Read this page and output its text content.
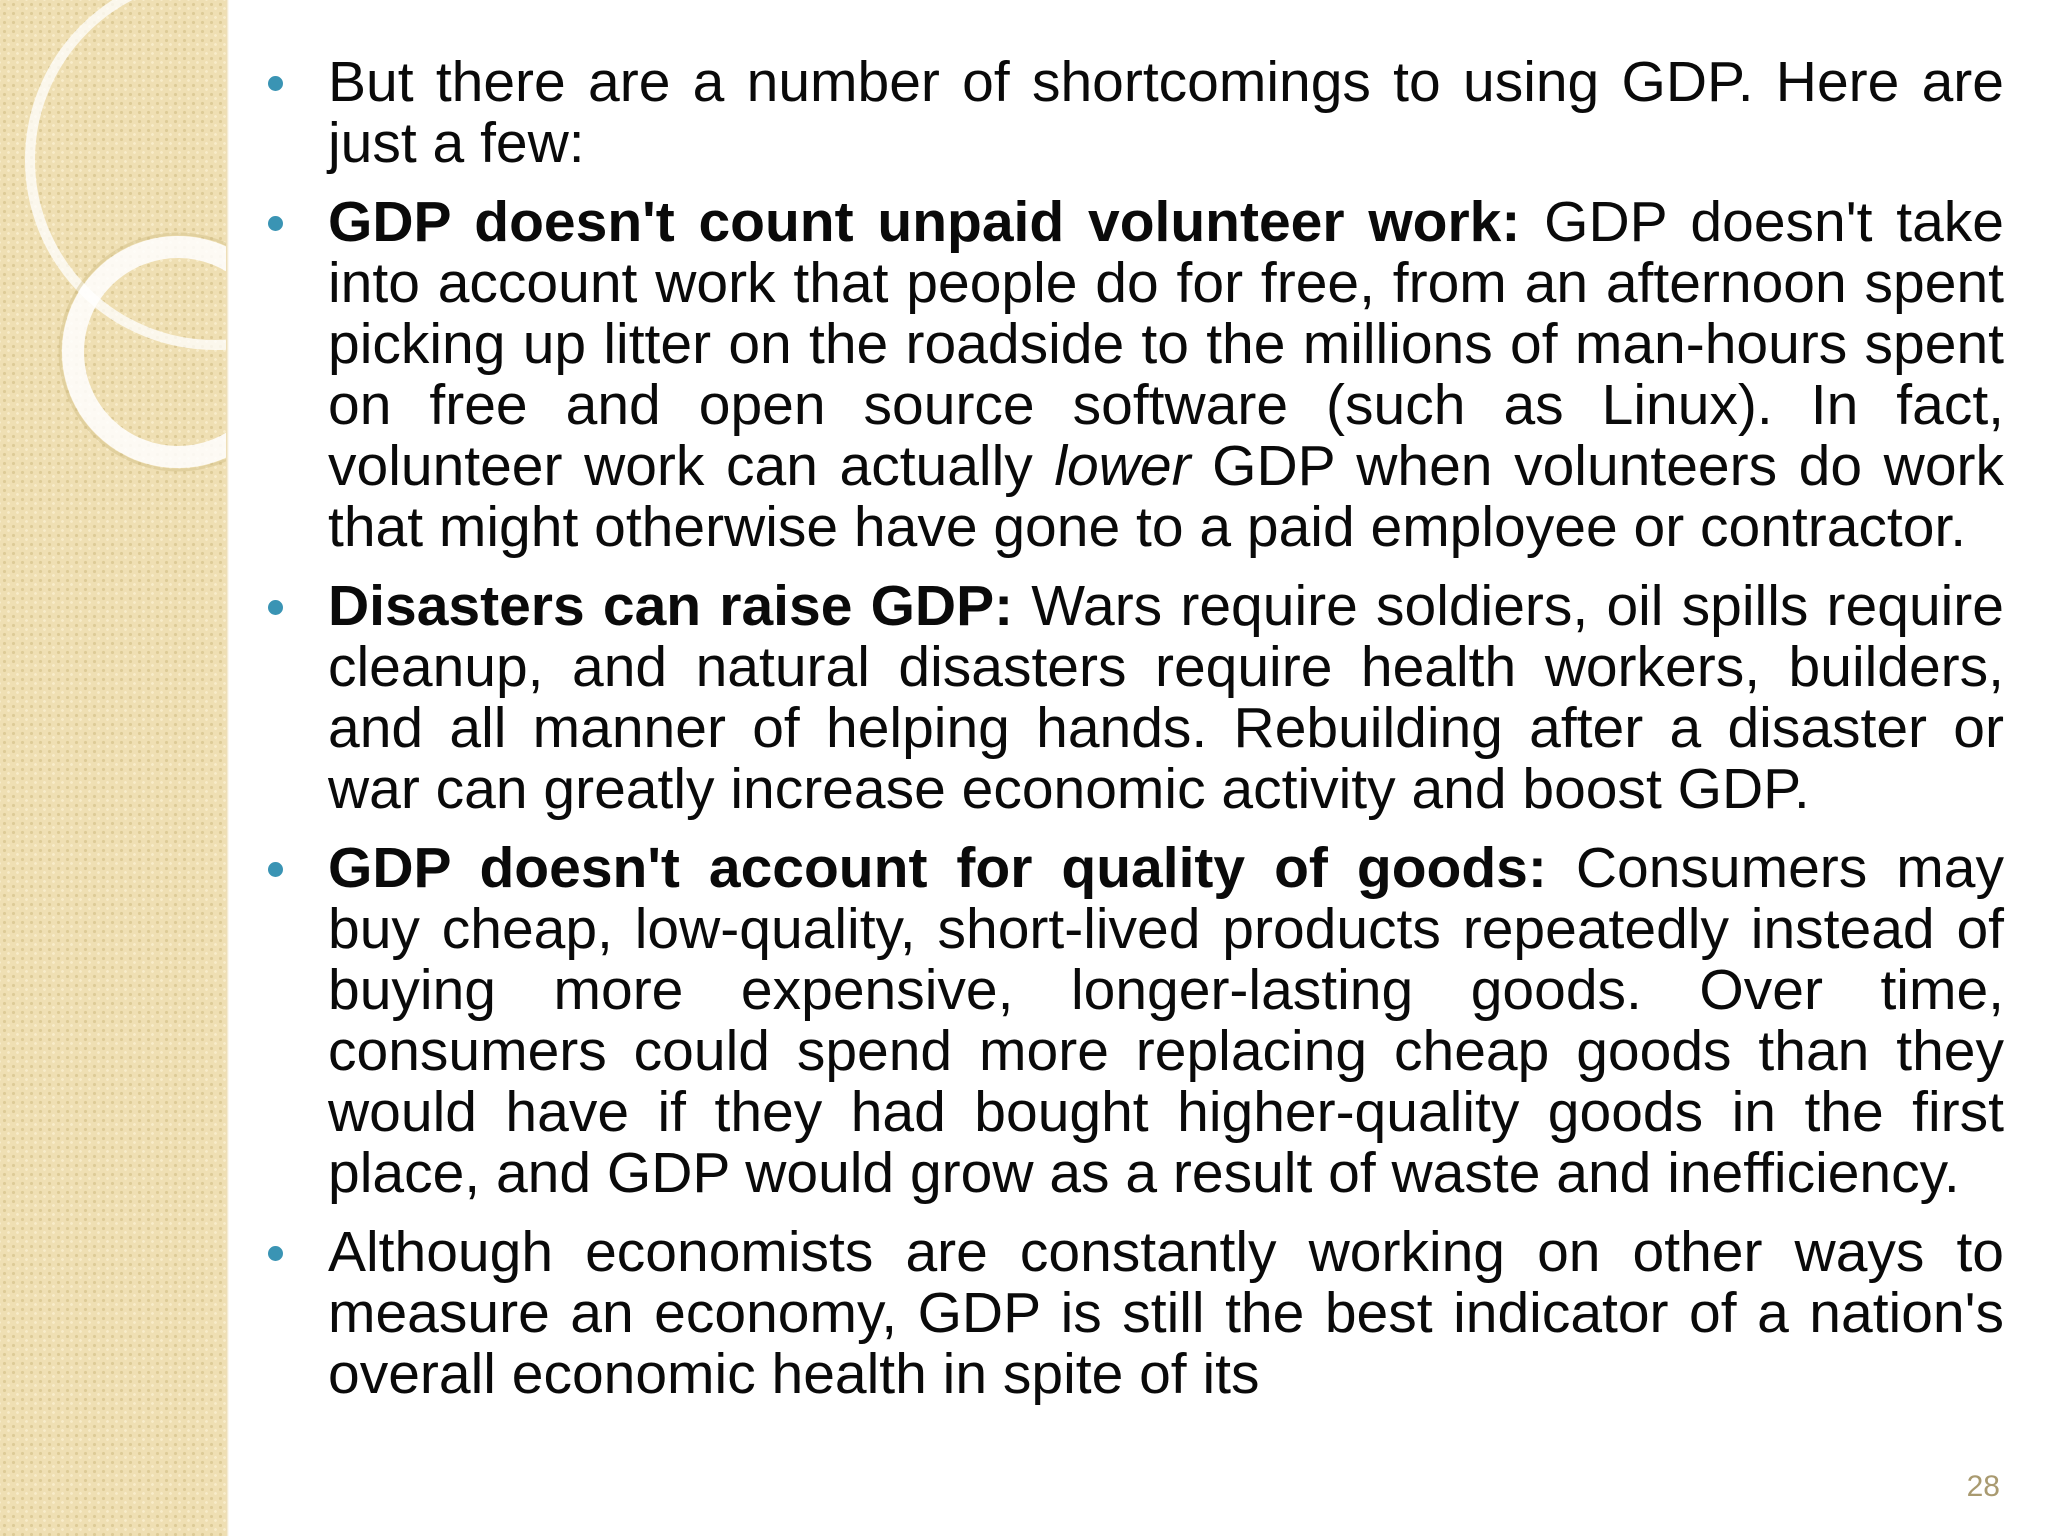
But there are a number of shortcomings to using GDP. Here are just a few:
GDP doesn't count unpaid volunteer work: GDP doesn't take into account work that people do for free, from an afternoon spent picking up litter on the roadside to the millions of man-hours spent on free and open source software (such as Linux). In fact, volunteer work can actually lower GDP when volunteers do work that might otherwise have gone to a paid employee or contractor.
Disasters can raise GDP: Wars require soldiers, oil spills require cleanup, and natural disasters require health workers, builders, and all manner of helping hands. Rebuilding after a disaster or war can greatly increase economic activity and boost GDP.
GDP doesn't account for quality of goods: Consumers may buy cheap, low-quality, short-lived products repeatedly instead of buying more expensive, longer-lasting goods. Over time, consumers could spend more replacing cheap goods than they would have if they had bought higher-quality goods in the first place, and GDP would grow as a result of waste and inefficiency.
Although economists are constantly working on other ways to measure an economy, GDP is still the best indicator of a nation's overall economic health in spite of its
28
